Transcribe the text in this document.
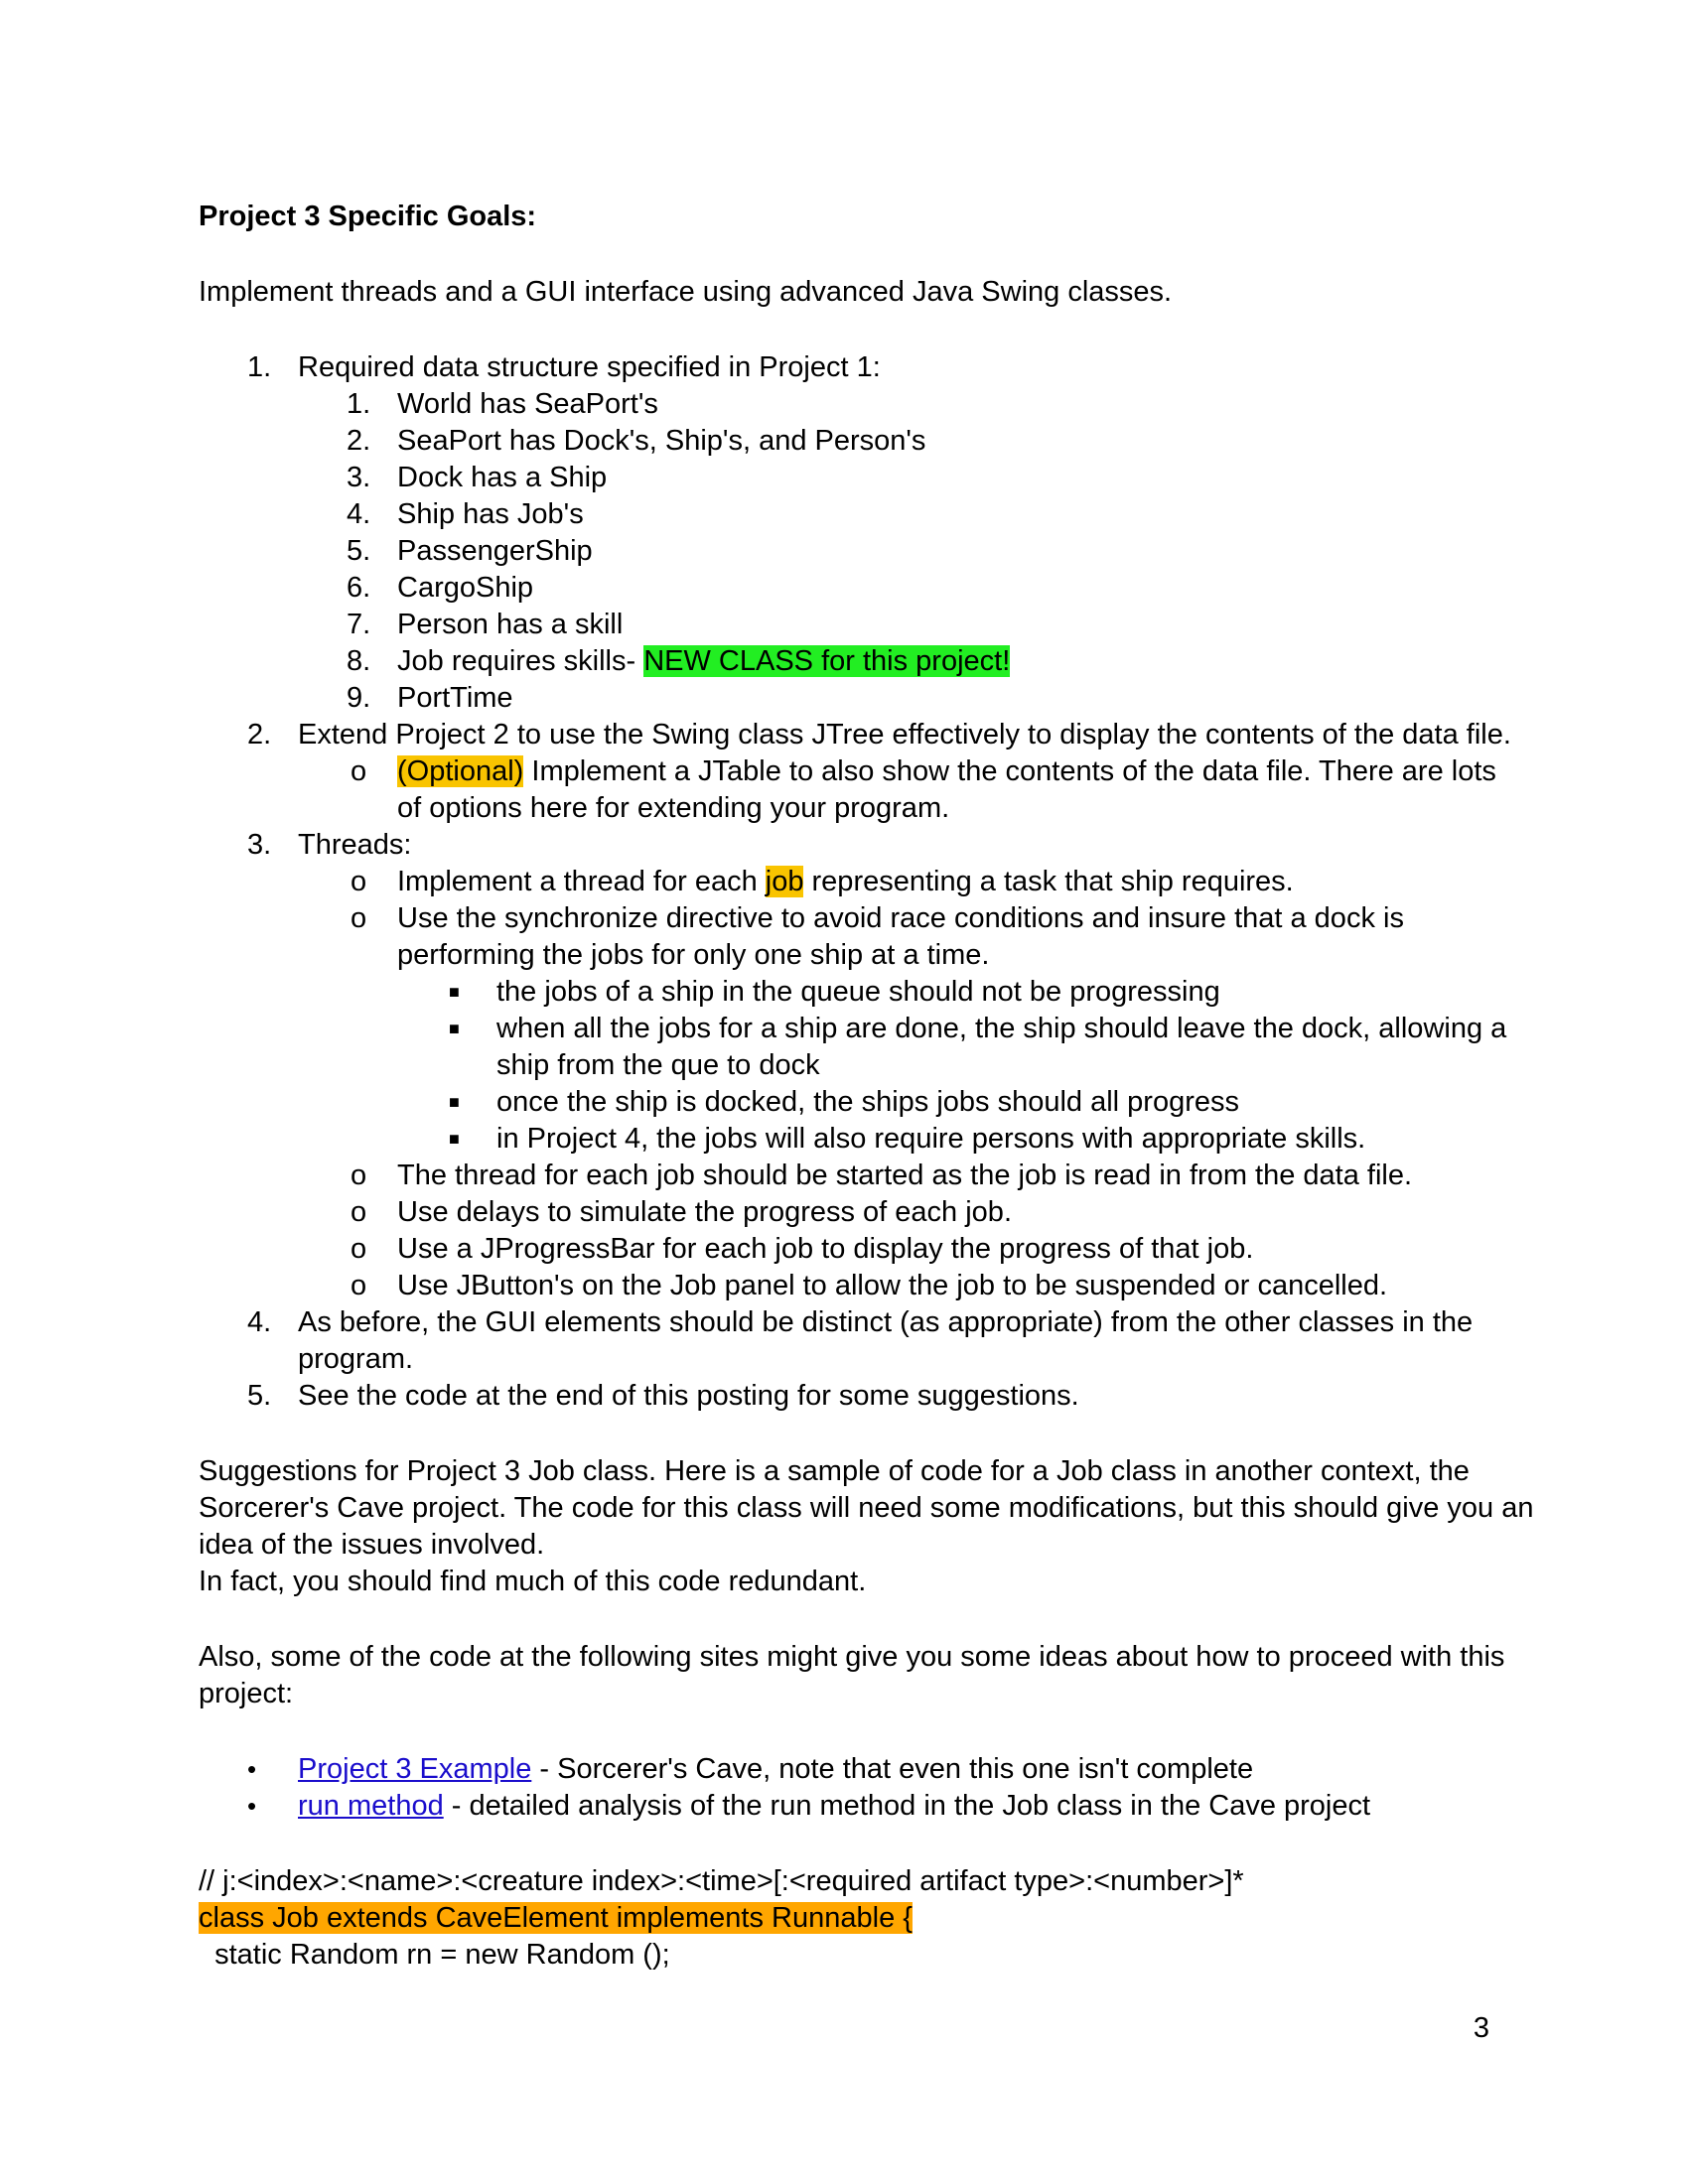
Project 3 Specific Goals:
Implement threads and a GUI interface using advanced Java Swing classes.
1. Required data structure specified in Project 1:
1. World has SeaPort's
2. SeaPort has Dock's, Ship's, and Person's
3. Dock has a Ship
4. Ship has Job's
5. PassengerShip
6. CargoShip
7. Person has a skill
8. Job requires skills- NEW CLASS for this project!
9. PortTime
2. Extend Project 2 to use the Swing class JTree effectively to display the contents of the data file.
o (Optional) Implement a JTable to also show the contents of the data file. There are lots
of options here for extending your program.
3. Threads:
o Implement a thread for each job representing a task that ship requires.
o Use the synchronize directive to avoid race conditions and insure that a dock is
performing the jobs for only one ship at a time.
■ the jobs of a ship in the queue should not be progressing
■ when all the jobs for a ship are done, the ship should leave the dock, allowing a
ship from the que to dock
■ once the ship is docked, the ships jobs should all progress
■ in Project 4, the jobs will also require persons with appropriate skills.
o The thread for each job should be started as the job is read in from the data file.
o Use delays to simulate the progress of each job.
o Use a JProgressBar for each job to display the progress of that job.
o Use JButton's on the Job panel to allow the job to be suspended or cancelled.
4. As before, the GUI elements should be distinct (as appropriate) from the other classes in the
program.
5. See the code at the end of this posting for some suggestions.
Suggestions for Project 3 Job class. Here is a sample of code for a Job class in another context, the
Sorcerer's Cave project. The code for this class will need some modifications, but this should give you an
idea of the issues involved.
In fact, you should find much of this code redundant.
Also, some of the code at the following sites might give you some ideas about how to proceed with this
project:
• Project 3 Example - Sorcerer's Cave, note that even this one isn't complete
• run method - detailed analysis of the run method in the Job class in the Cave project
// j:<index>:<name>:<creature index>:<time>[:<required artifact type>:<number>]*
class Job extends CaveElement implements Runnable {
static Random rn = new Random ();
3
